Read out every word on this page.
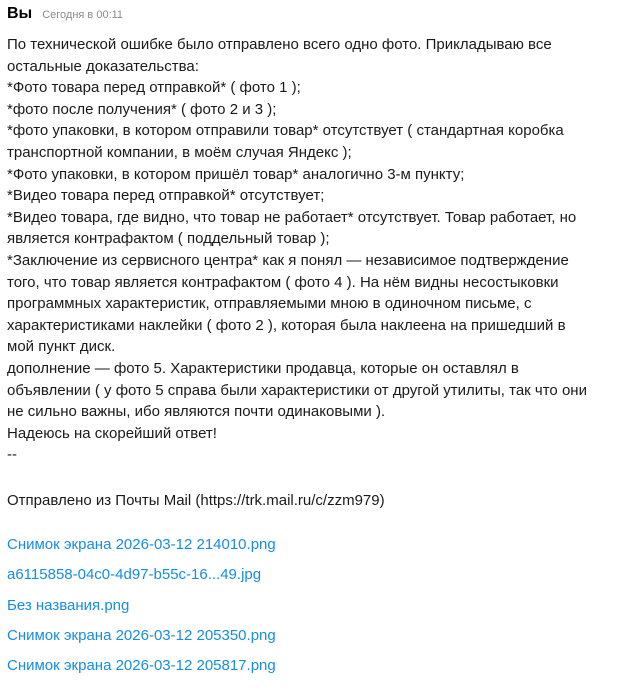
Вы Сегодня в 00:11
По технической ошибке было отправлено всего одно фото. Прикладываю все
остальные доказательства:
*Фото товара перед отправкой* ( фото 1 );
*фото после получения* ( фото 2 и 3 );
*фото упаковки, в котором отправили товар* отсутствует ( стандартная коробка
транспортной компании, в моём случая Яндекс );
*Фото упаковки, в котором пришёл товар* аналогично 3-м пункту;
*Видео товара перед отправкой* отсутствует;
*Видео товара, где видно, что товар не работает* отсутствует. Товар работает, но
является контрафактом ( поддельный товар );
*Заключение из сервисного центра* как я понял — независимое подтверждение
того, что товар является контрафактом ( фото 4 ). На нём видны несостыковки
программных характеристик, отправляемыми мною в одиночном письме, с
характеристиками наклейки ( фото 2 ), которая была наклеена на пришедший в
мой пункт диск.
дополнение — фото 5. Характеристики продавца, которые он оставлял в
объявлении ( у фото 5 справа были характеристики от другой утилиты, так что они
не сильно важны, ибо являются почти одинаковыми ).
Надеюсь на скорейший ответ!
--
Отправлено из Почты Mail (https://trk.mail.ru/c/zzm979)
Снимок экрана 2026-03-12 214010.png
a6115858-04c0-4d97-b55c-16...49.jpg
Без названия.png
Снимок экрана 2026-03-12 205350.png
Снимок экрана 2026-03-12 205817.png
